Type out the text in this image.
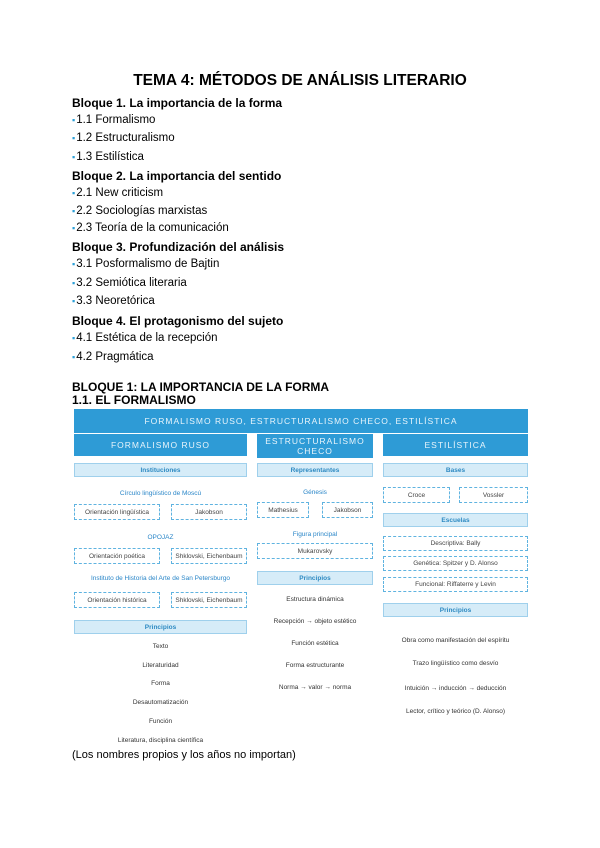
TEMA 4: MÉTODOS DE ANÁLISIS LITERARIO
Bloque 1. La importancia de la forma
▪1.1 Formalismo
▪1.2 Estructuralismo
▪1.3 Estilística
Bloque 2. La importancia del sentido
▪2.1 New criticism
▪2.2 Sociologías marxistas
▪2.3 Teoría de la comunicación
Bloque 3. Profundización del análisis
▪3.1 Posformalismo de Bajtin
▪3.2 Semiótica literaria
▪3.3 Neoretórica
Bloque 4. El protagonismo del sujeto
▪4.1 Estética de la recepción
▪4.2 Pragmática
BLOQUE 1: LA IMPORTANCIA DE LA FORMA
1.1. EL FORMALISMO
FORMALISMO RUSO, ESTRUCTURALISMO CHECO, ESTILÍSTICA
FORMALISMO RUSO
Instituciones
Círculo lingüístico de Moscú
Orientación lingüística	Jakobson
OPOJAZ
Orientación poética	Shklovski, Eichenbaum
Instituto de Historia del Arte de San Petersburgo
Orientación histórica	Shklovski, Eichenbaum
Principios
Texto
Literaturidad
Forma
Desautomatización
Función
Literatura, disciplina científica
ESTRUCTURALISMO
CHECO
Representantes
Génesis
Mathesius	Jakobson
Figura principal
Mukarovsky
Principios
Estructura dinámica
Recepción → objeto estético
Función estética
Forma estructurante
Norma → valor → norma
ESTILÍSTICA
Bases
Croce	Vossler
Escuelas
Descriptiva: Bally
Genética: Spitzer y D. Alonso
Funcional: Riffaterre y Levin
Principios
Obra como manifestación del espíritu
Trazo lingüístico como desvío
Intuición → inducción → deducción
Lector, crítico y teórico (D. Alonso)
(Los nombres propios y los años no importan)
